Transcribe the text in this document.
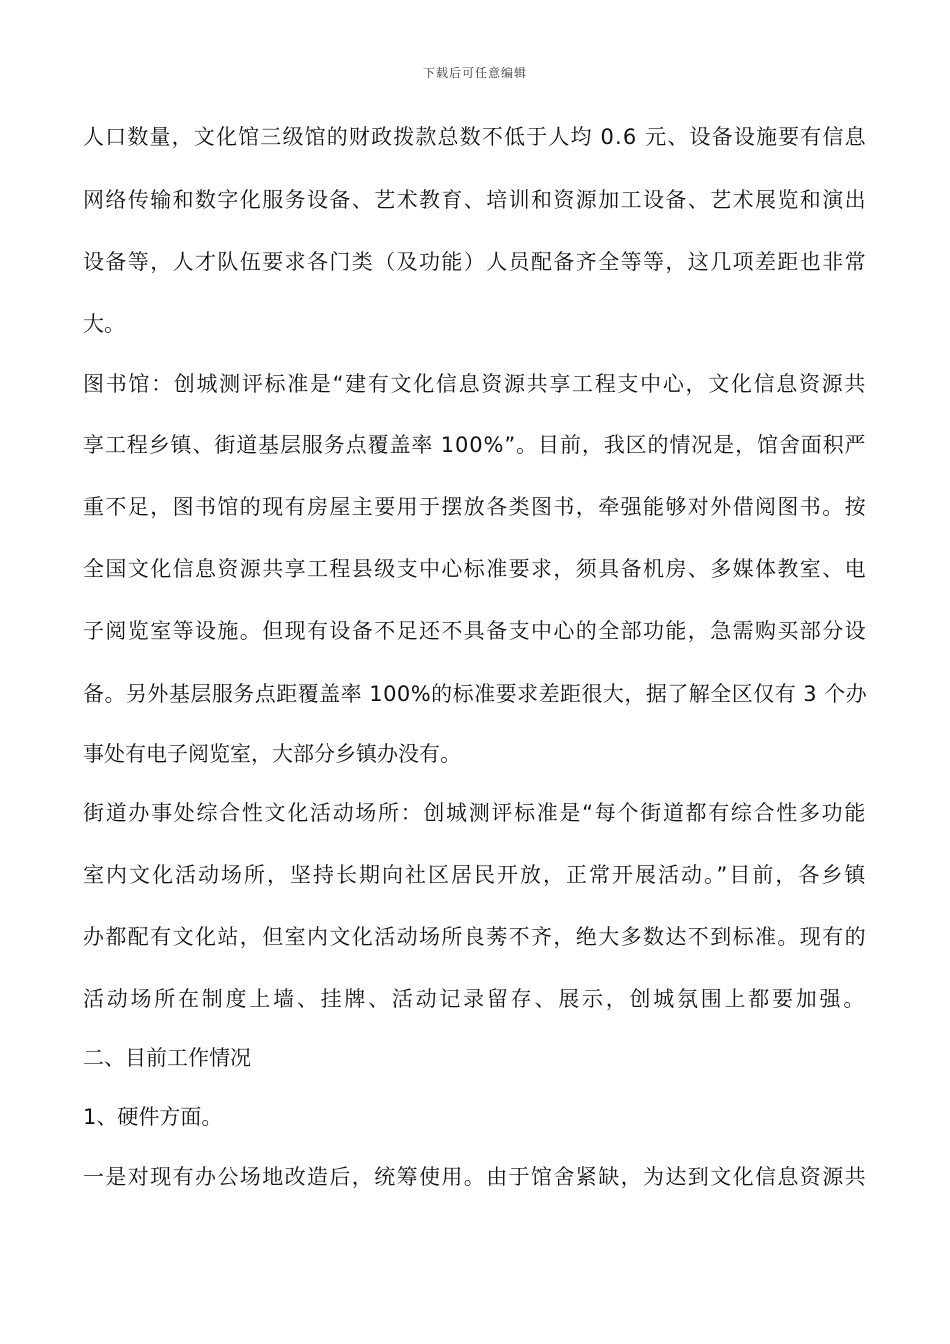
下载后可任意编辑
人口数量，文化馆三级馆的财政拨款总数不低于人均 0.6 元、设备设施要有信息
网络传输和数字化服务设备、艺术教育、培训和资源加工设备、艺术展览和演出
设备等，人才队伍要求各门类（及功能）人员配备齐全等等，这几项差距也非常
大。
图书馆：创城测评标准是“建有文化信息资源共享工程支中心，文化信息资源共
享工程乡镇、街道基层服务点覆盖率 100%”。目前，我区的情况是，馆舍面积严
重不足，图书馆的现有房屋主要用于摆放各类图书，牵强能够对外借阅图书。按
全国文化信息资源共享工程县级支中心标准要求，须具备机房、多媒体教室、电
子阅览室等设施。但现有设备不足还不具备支中心的全部功能，急需购买部分设
备。另外基层服务点距覆盖率 100%的标准要求差距很大，据了解全区仅有 3 个办
事处有电子阅览室，大部分乡镇办没有。
街道办事处综合性文化活动场所：创城测评标准是“每个街道都有综合性多功能
室内文化活动场所，坚持长期向社区居民开放，正常开展活动。”目前，各乡镇
办都配有文化站，但室内文化活动场所良莠不齐，绝大多数达不到标准。现有的
活动场所在制度上墙、挂牌、活动记录留存、展示，创城氛围上都要加强。
二、目前工作情况
1、硬件方面。
一是对现有办公场地改造后，统筹使用。由于馆舍紧缺，为达到文化信息资源共
